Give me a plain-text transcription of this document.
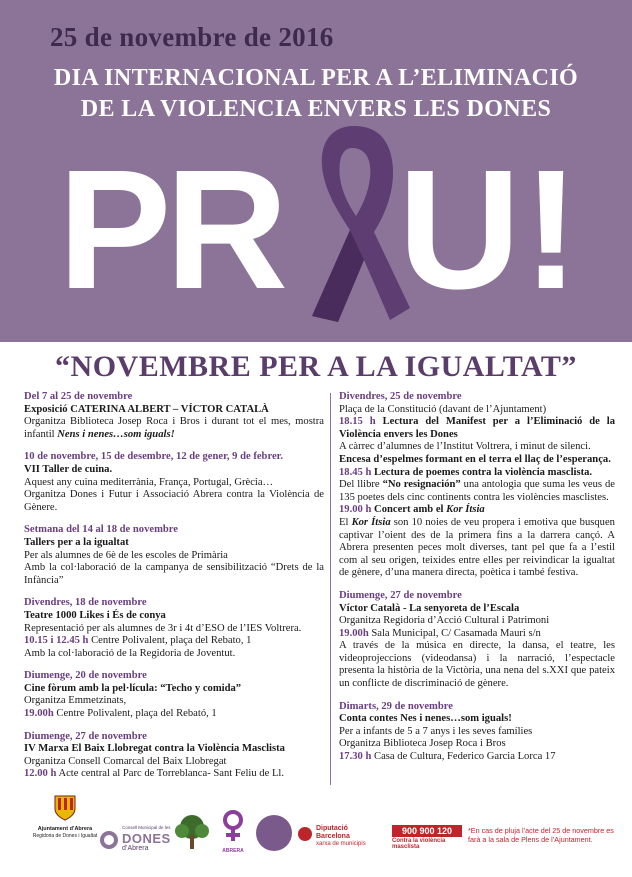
25 de novembre de 2016
DIA INTERNACIONAL PER A L’ELIMINACIÓ
DE LA VIOLENCIA ENVERS LES DONES
PR U!
“NOVEMBRE PER A LA IGUALTAT”
Del 7 al 25 de novembre
Exposició CATERINA ALBERT – VÍCTOR CATALÀ
Organitza Biblioteca Josep Roca i Bros i durant tot el mes, mostra infantil Nens i nenes…som iguals!
10 de novembre, 15 de desembre, 12 de gener, 9 de febrer.
VII Taller de cuina.
Aquest any cuina mediterrània, França, Portugal, Grècia…
Organitza Dones i Futur i Associació Abrera contra la Violència de Gènere.
Setmana del 14 al 18 de novembre
Tallers per a la igualtat
Per als alumnes de 6è de les escoles de Primària
Amb la col·laboració de la campanya de sensibilització “Drets de la Infància”
Divendres, 18 de novembre
Teatre 1000 Likes i És de conya
Representació per als alumnes de 3r i 4t d’ESO de l’IES Voltrera.
10.15 i 12.45 h Centre Polivalent, plaça del Rebato, 1
Amb la col·laboració de la Regidoria de Joventut.
Diumenge, 20 de novembre
Cine fòrum amb la pel·lícula: “Techo y comida”
Organitza Emmetzinats,
19.00h Centre Polivalent, plaça del Rebató, 1
Diumenge, 27 de novembre
IV Marxa El Baix Llobregat contra la Violència Masclista
Organitza Consell Comarcal del Baix Llobregat
12.00 h Acte central al Parc de Torreblanca- Sant Feliu de Ll.
Divendres, 25 de novembre
Plaça de la Constitució (davant de l’Ajuntament)
18.15 h Lectura del Manifest per a l’Eliminació de la Violència envers les Dones
A càrrec d’alumnes de l’Institut Voltrera, i minut de silenci.
Encesa d’espelmes formant en el terra el llaç de l’esperança.
18.45 h Lectura de poemes contra la violència masclista.
Del llibre “No resignación” una antologia que suma les veus de 135 poetes dels cinc continents contra les violències masclistes.
19.00 h Concert amb el Kor Ítsia
El Kor Ítsia son 10 noies de veu propera i emotiva que busquen captivar l’oient des de la primera fins a la darrera cançó. A Abrera presenten peces molt diverses, tant pel que fa a l’estil com al seu origen, teixides entre elles per reivindicar la igualtat de gènere, d’una manera directa, poètica i també festiva.
Diumenge, 27 de novembre
Víctor Català - La senyoreta de l’Escala
Organitza Regidoria d’Acció Cultural i Patrimoni
19.00h Sala Municipal, C/ Casamada Mauri s/n
A través de la música en directe, la dansa, el teatre, les videoprojeccions (videodansa) i la narració, l’espectacle presenta la història de la Victòria, una nena del s.XXI que pateix un conflicte de discriminació de gènere.
Dimarts, 29 de novembre
Conta contes Nes i nenes…som iguals!
Per a infants de 5 a 7 anys i les seves famílies
Organitza Biblioteca Josep Roca i Bros
17.30 h Casa de Cultura, Federico Garcia Lorca 17
Ajuntament d’Abrera
Regidoria de Dones i Igualtat
Consell Municipal de les
DONES
d’Abrera	ABRERA
Diputació
Barcelona
xarxa de municipis
900 900 120
Contra la violència
masclista
*En cas de pluja l’acte del 25 de novembre es farà a la sala de Plens de l’Ajuntament.
